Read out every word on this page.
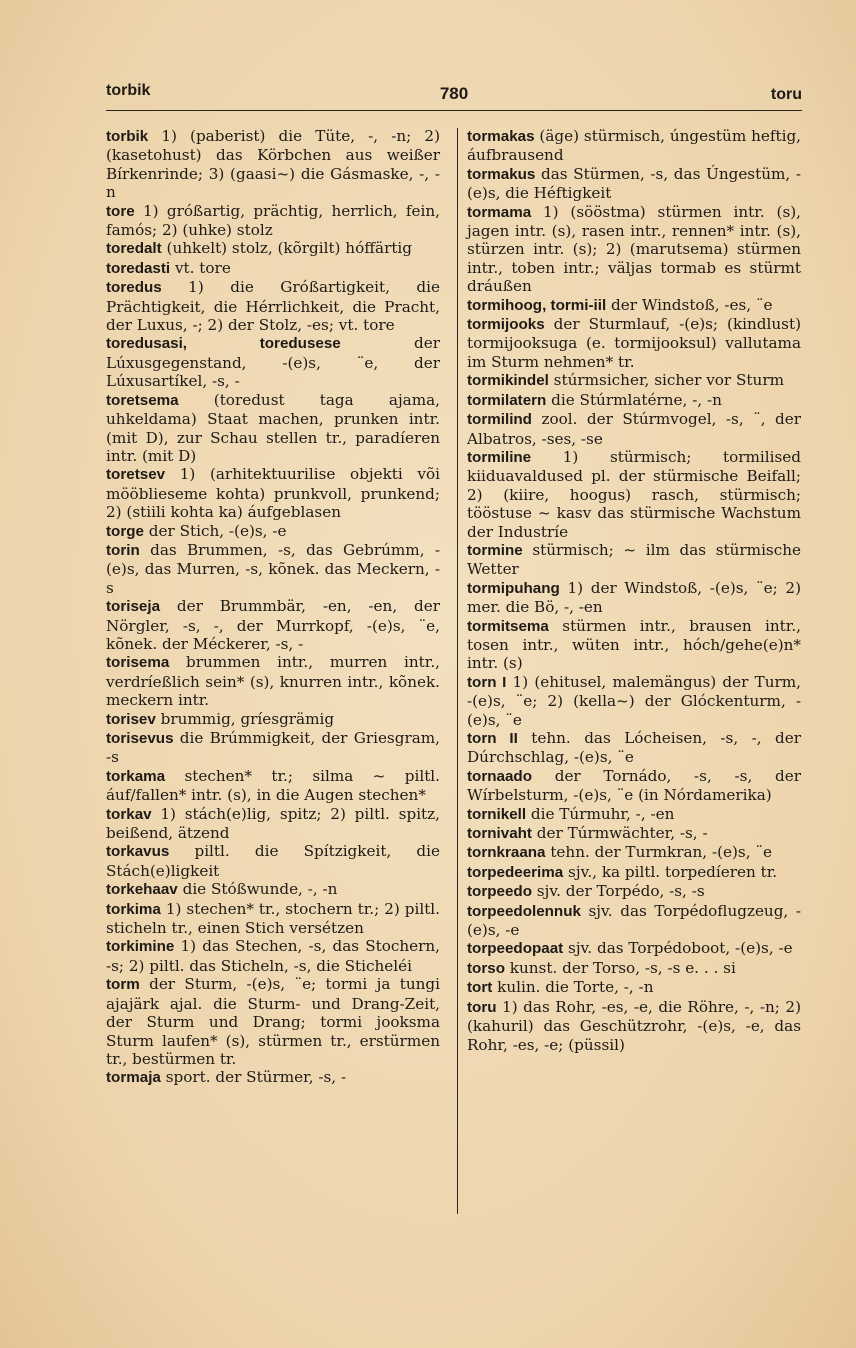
torbik	780	toru
torbik 1) (paberist) die Tüte, -, -n; 2) (kasetohust) das Körbchen aus weißer Bírkenrinde; 3) (gaasi~) die Gásmaske, -, -n
tore 1) gróßartig, prächtig, herrlich, fein, famós; 2) (uhke) stolz
toredalt (uhkelt) stolz, (kõrgilt) hóffärtig
toredasti vt. tore
toredus 1) die Gróßartigkeit, die Prächtigkeit, die Hérrlichkeit, die Pracht, der Luxus, -; 2) der Stolz, -es; vt. tore
toredusasi, toredusese der Lúxusgegenstand, -(e)s, ¨e, der Lúxusartíkel, -s, -
toretsema (toredust taga ajama, uhkeldama) Staat machen, prunken intr. (mit D), zur Schau stellen tr., paradíeren intr. (mit D)
toretsev 1) (arhitektuurilise objekti või mööblieseme kohta) prunkvoll, prunkend; 2) (stiili kohta ka) áufgeblasen
torge der Stich, -(e)s, -e
torin das Brummen, -s, das Gebrúmm, -(e)s, das Murren, -s, kõnek. das Meckern, -s
toriseja der Brummbär, -en, -en, der Nörgler, -s, -, der Murrkopf, -(e)s, ¨e, kõnek. der Méckerer, -s, -
torisema brummen intr., murren intr., verdríeßlich sein* (s), knurren intr., kõnek. meckern intr.
torisev brummig, gríesgrämig
torisevus die Brúmmigkeit, der Griesgram, -s
torkama stechen* tr.; silma ~ piltl. áuf/fallen* intr. (s), in die Augen stechen*
torkav 1) stách(e)lig, spitz; 2) piltl. spitz, beißend, ätzend
torkavus piltl. die Spítzigkeit, die Stách(e)ligkeit
torkehaav die Stóßwunde, -, -n
torkima 1) stechen* tr., stochern tr.; 2) piltl. sticheln tr., einen Stich versétzen
torkimine 1) das Stechen, -s, das Stochern, -s; 2) piltl. das Sticheln, -s, die Sticheléi
torm der Sturm, -(e)s, ¨e; tormi ja tungi ajajärk ajal. die Sturm- und Drang-Zeit, der Sturm und Drang; tormi jooksma Sturm laufen* (s), stürmen tr., erstürmen tr., bestürmen tr.
tormaja sport. der Stürmer, -s, -
tormakas (äge) stürmisch, úngestüm heftig, áufbrausend
tormakus das Stürmen, -s, das Úngestüm, -(e)s, die Héftigkeit
tormama 1) (sööstma) stürmen intr. (s), jagen intr. (s), rasen intr., rennen* intr. (s), stürzen intr. (s); 2) (marutsema) stürmen intr., toben intr.; väljas tormab es stürmt dráußen
tormihoog, tormi-iil der Windstoß, -es, ¨e
tormijooks der Sturmlauf, -(e)s; (kindlust) tormijooksuga (e. tormijooksul) vallutama im Sturm nehmen* tr.
tormikindel stúrmsicher, sicher vor Sturm
tormilatern die Stúrmlatérne, -, -n
tormilind zool. der Stúrmvogel, -s, ¨, der Albatros, -ses, -se
tormiline 1) stürmisch; tormilised kiiduavaldused pl. der stürmische Beifall; 2) (kiire, hoogus) rasch, stürmisch; tööstuse ~ kasv das stürmische Wachstum der Industríe
tormine stürmisch; ~ ilm das stürmische Wetter
tormipuhang 1) der Windstoß, -(e)s, ¨e; 2) mer. die Bö, -, -en
tormitsema stürmen intr., brausen intr., tosen intr., wüten intr., hóch/gehe(e)n* intr. (s)
torn I 1) (ehitusel, malemängus) der Turm, -(e)s, ¨e; 2) (kella~) der Glóckenturm, -(e)s, ¨e
torn II tehn. das Lócheisen, -s, -, der Dúrchschlag, -(e)s, ¨e
tornaado der Tornádo, -s, -s, der Wírbelsturm, -(e)s, ¨e (in Nórdamerika)
tornikell die Túrmuhr, -, -en
tornivaht der Túrmwächter, -s, -
tornkraana tehn. der Turmkran, -(e)s, ¨e
torpedeerima sjv., ka piltl. torpedíeren tr.
torpeedo sjv. der Torpédo, -s, -s
torpeedolennuk sjv. das Torpédoflugzeug, -(e)s, -e
torpeedopaat sjv. das Torpédoboot, -(e)s, -e
torso kunst. der Torso, -s, -s e. . . si
tort kulin. die Torte, -, -n
toru 1) das Rohr, -es, -e, die Röhre, -, -n; 2) (kahuril) das Geschützrohr, -(e)s, -e, das Rohr, -es, -e; (püssil)
